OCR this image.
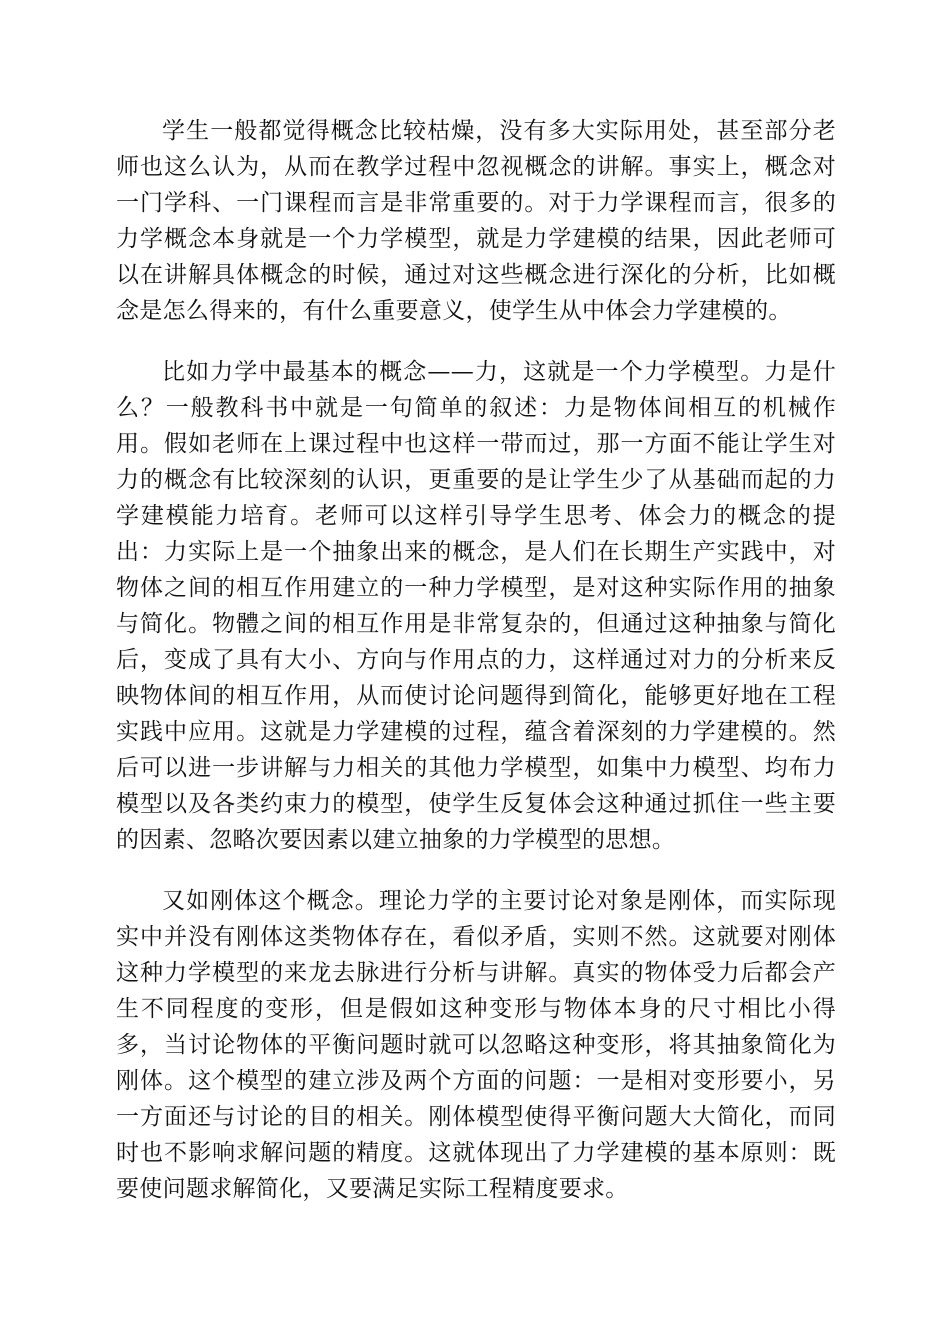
学生一般都觉得概念比较枯燥，没有多大实际用处，甚至部分老师也这么认为，从而在教学过程中忽视概念的讲解。事实上，概念对一门学科、一门课程而言是非常重要的。对于力学课程而言，很多的力学概念本身就是一个力学模型，就是力学建模的结果，因此老师可以在讲解具体概念的时候，通过对这些概念进行深化的分析，比如概念是怎么得来的，有什么重要意义，使学生从中体会力学建模的。

比如力学中最基本的概念——力，这就是一个力学模型。力是什么？一般教科书中就是一句简单的叙述：力是物体间相互的机械作用。假如老师在上课过程中也这样一带而过，那一方面不能让学生对力的概念有比较深刻的认识，更重要的是让学生少了从基础而起的力学建模能力培育。老师可以这样引导学生思考、体会力的概念的提出：力实际上是一个抽象出来的概念，是人们在长期生产实践中，对物体之间的相互作用建立的一种力学模型，是对这种实际作用的抽象与简化。物體之间的相互作用是非常复杂的，但通过这种抽象与简化后，变成了具有大小、方向与作用点的力，这样通过对力的分析来反映物体间的相互作用，从而使讨论问题得到简化，能够更好地在工程实践中应用。这就是力学建模的过程，蕴含着深刻的力学建模的。然后可以进一步讲解与力相关的其他力学模型，如集中力模型、均布力模型以及各类约束力的模型，使学生反复体会这种通过抓住一些主要的因素、忽略次要因素以建立抽象的力学模型的思想。

又如刚体这个概念。理论力学的主要讨论对象是刚体，而实际现实中并没有刚体这类物体存在，看似矛盾，实则不然。这就要对刚体这种力学模型的来龙去脉进行分析与讲解。真实的物体受力后都会产生不同程度的变形，但是假如这种变形与物体本身的尺寸相比小得多，当讨论物体的平衡问题时就可以忽略这种变形，将其抽象简化为刚体。这个模型的建立涉及两个方面的问题：一是相对变形要小，另一方面还与讨论的目的相关。刚体模型使得平衡问题大大简化，而同时也不影响求解问题的精度。这就体现出了力学建模的基本原则：既要使问题求解简化，又要满足实际工程精度要求。
